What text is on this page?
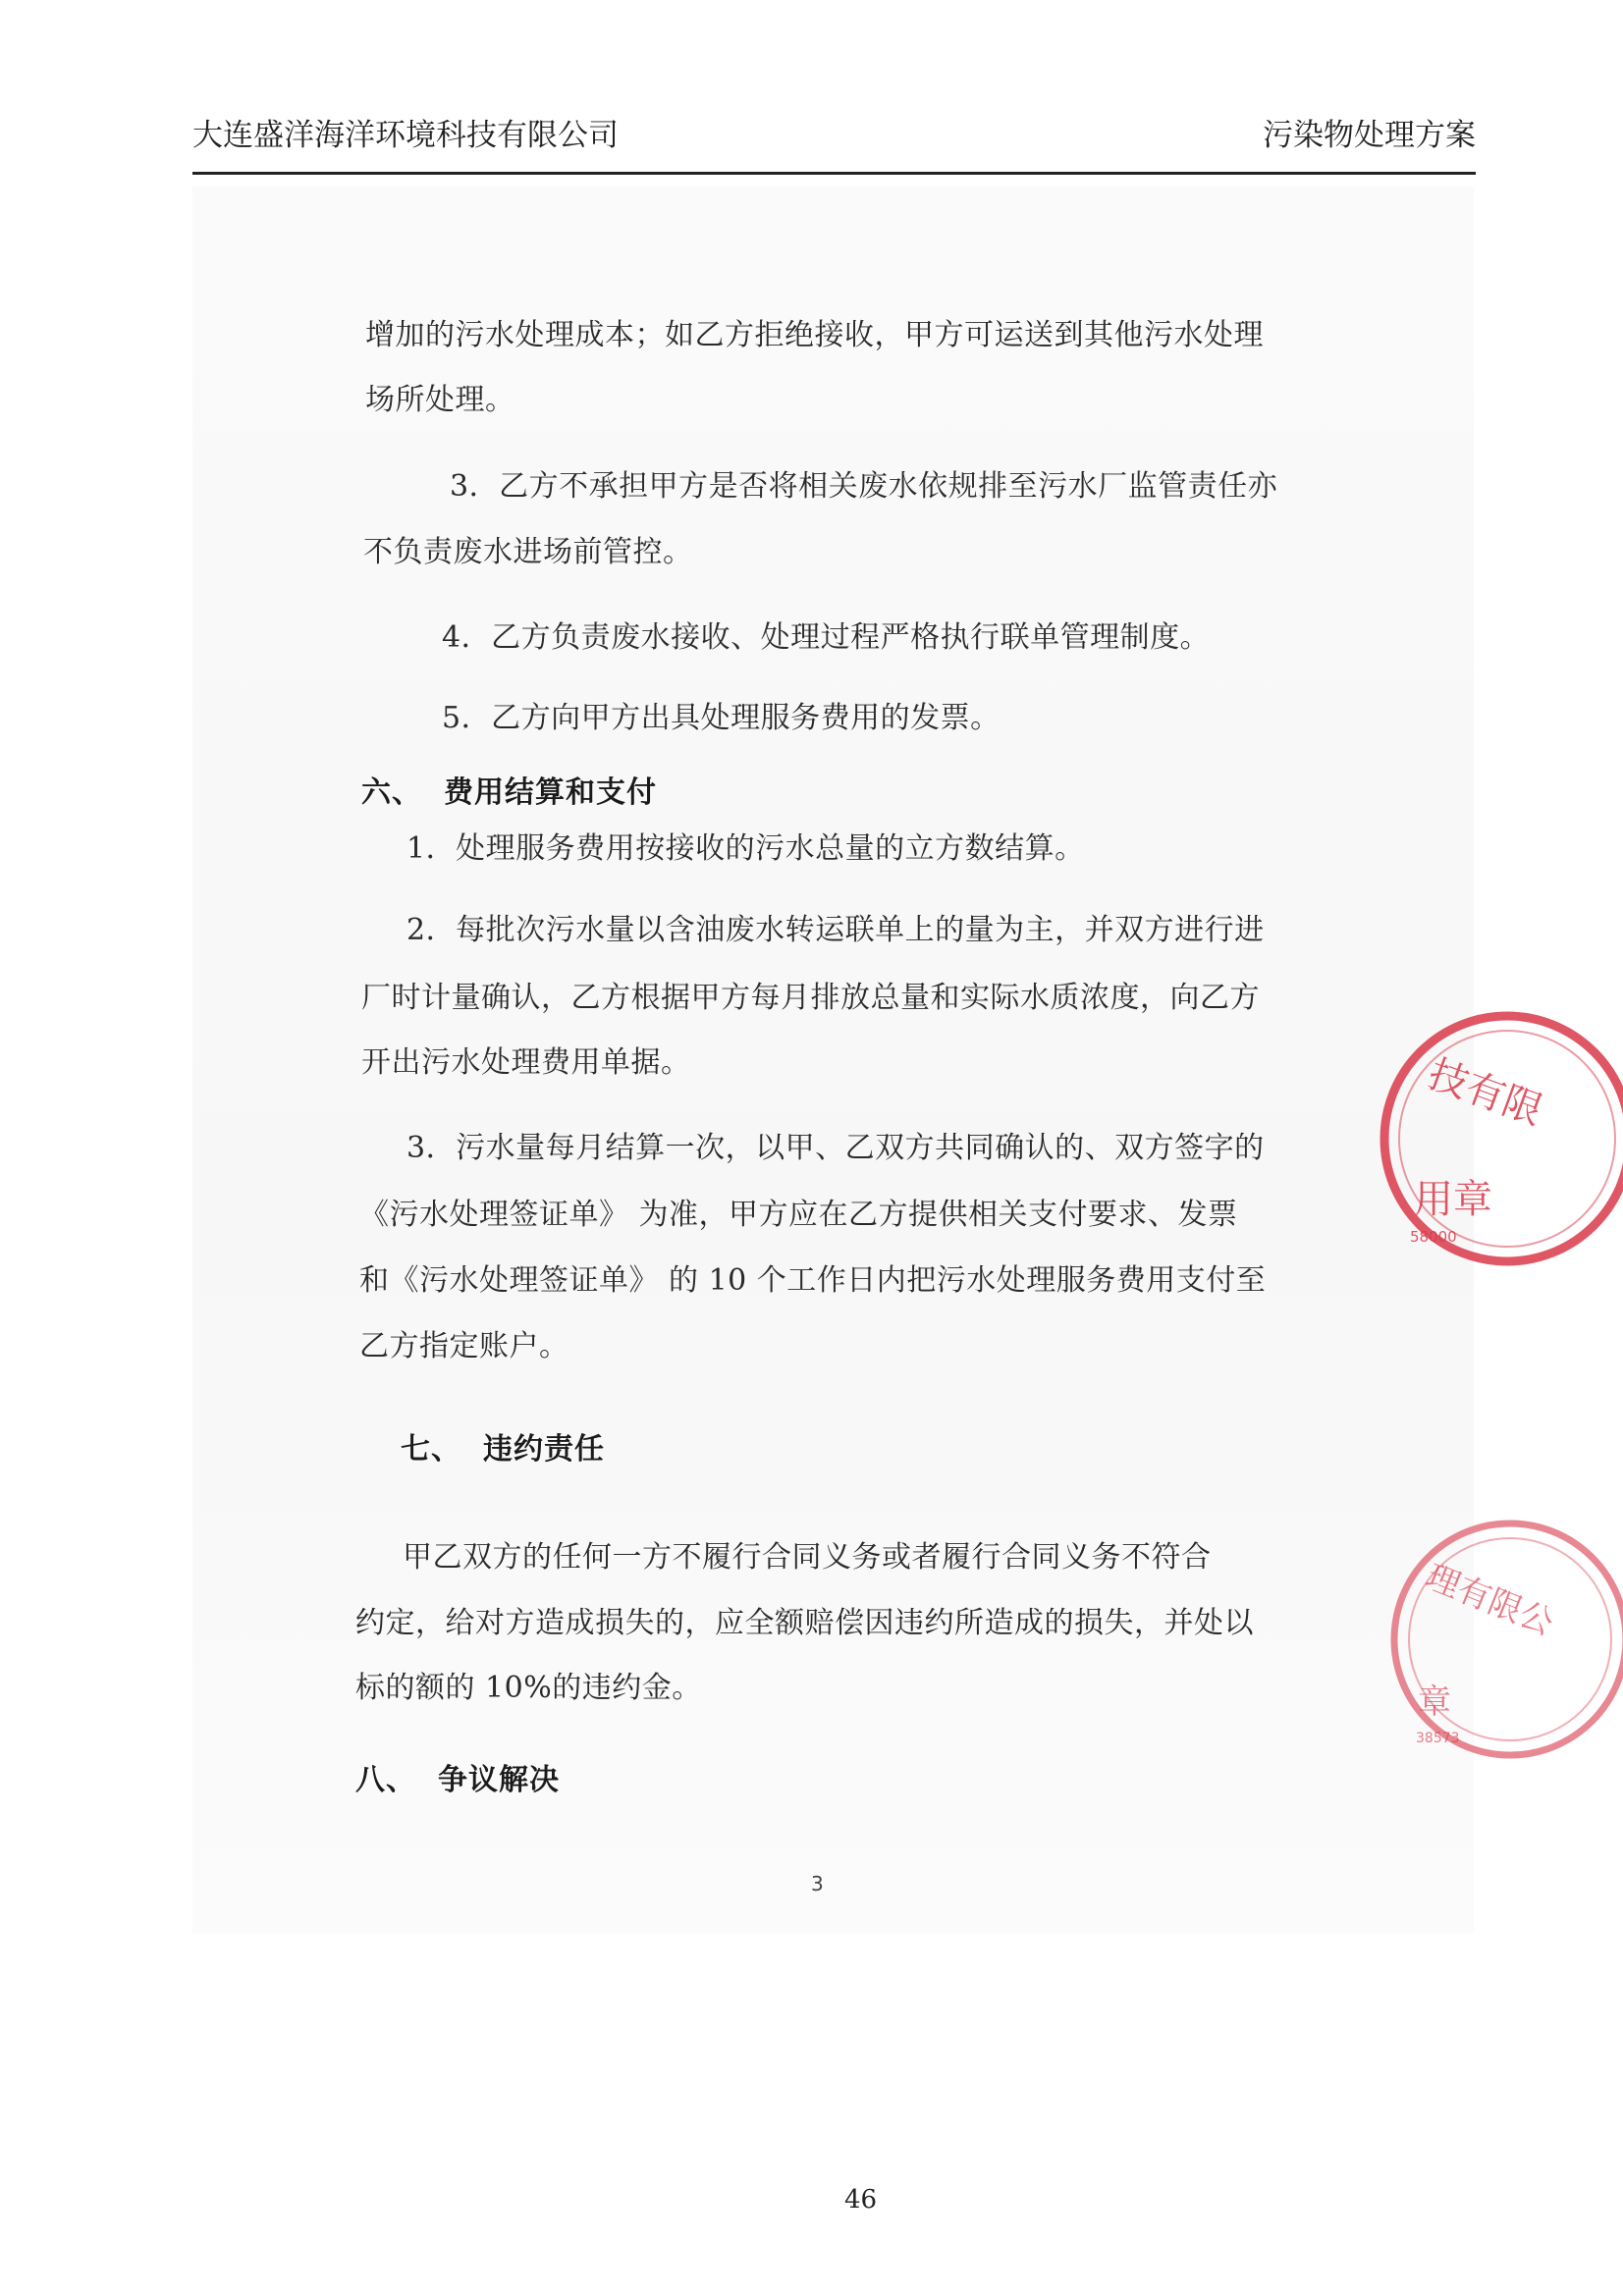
大连盛洋海洋环境科技有限公司	污染物处理方案
增加的污水处理成本；如乙方拒绝接收，甲方可运送到其他污水处理
场所处理。
3．乙方不承担甲方是否将相关废水依规排至污水厂监管责任亦
不负责废水进场前管控。
4．乙方负责废水接收、处理过程严格执行联单管理制度。
5．乙方向甲方出具处理服务费用的发票。
六、 费用结算和支付
1．处理服务费用按接收的污水总量的立方数结算。
2．每批次污水量以含油废水转运联单上的量为主，并双方进行进
厂时计量确认，乙方根据甲方每月排放总量和实际水质浓度，向乙方
开出污水处理费用单据。
3．污水量每月结算一次，以甲、乙双方共同确认的、双方签字的
《污水处理签证单》 为准，甲方应在乙方提供相关支付要求、发票
和《污水处理签证单》 的 10 个工作日内把污水处理服务费用支付至
乙方指定账户。
七、 违约责任
甲乙双方的任何一方不履行合同义务或者履行合同义务不符合
约定，给对方造成损失的，应全额赔偿因违约所造成的损失，并处以
标的额的 10%的违约金。
八、 争议解决
3
技有限
用章
58000
理有限公
章
38573
46
